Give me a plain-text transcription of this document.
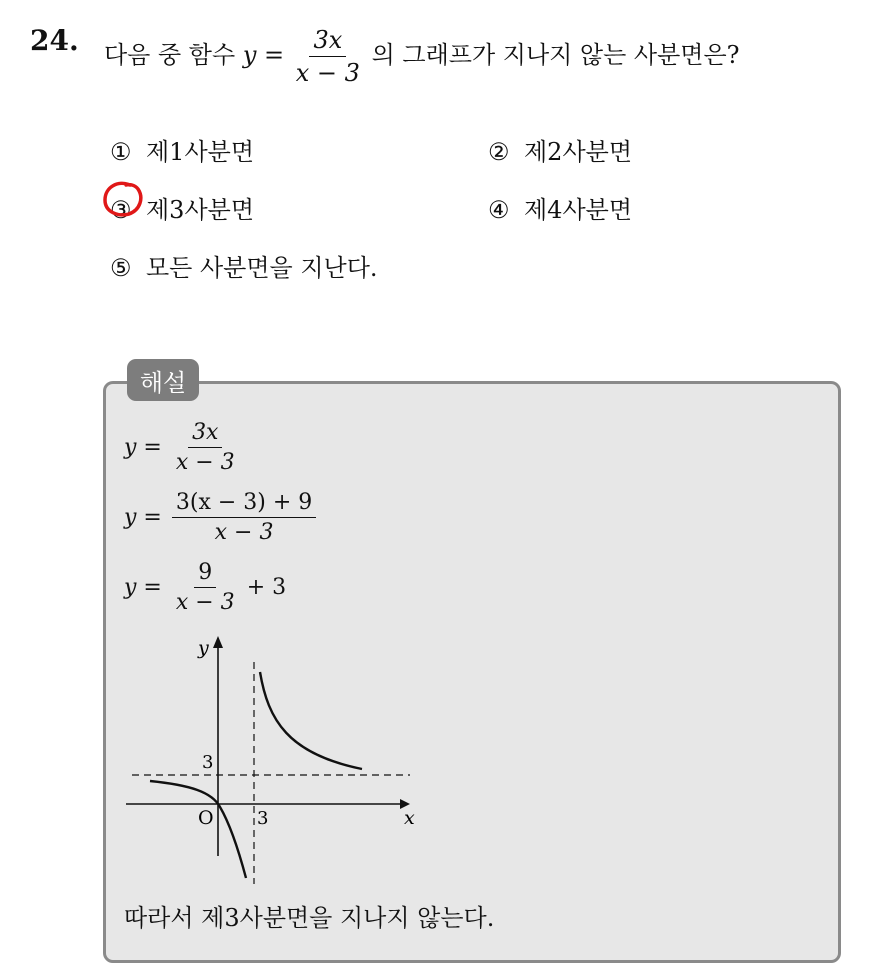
24. 다음 중 함수 $y = \frac{3x}{x - 3}$ 의 그래프가 지나지 않는 사분면은?
① 제1사분면	② 제2사분면
③ 제3사분면	④ 제4사분면
⑤ 모든 사분면을 지난다.
해설
$y = \frac{3x}{x - 3}$
$y = \frac{3(x - 3) + 9}{x - 3}$
$y = \frac{9}{x - 3} + 3$
y
x
O
3
3
따라서 제3사분면을 지나지 않는다.
